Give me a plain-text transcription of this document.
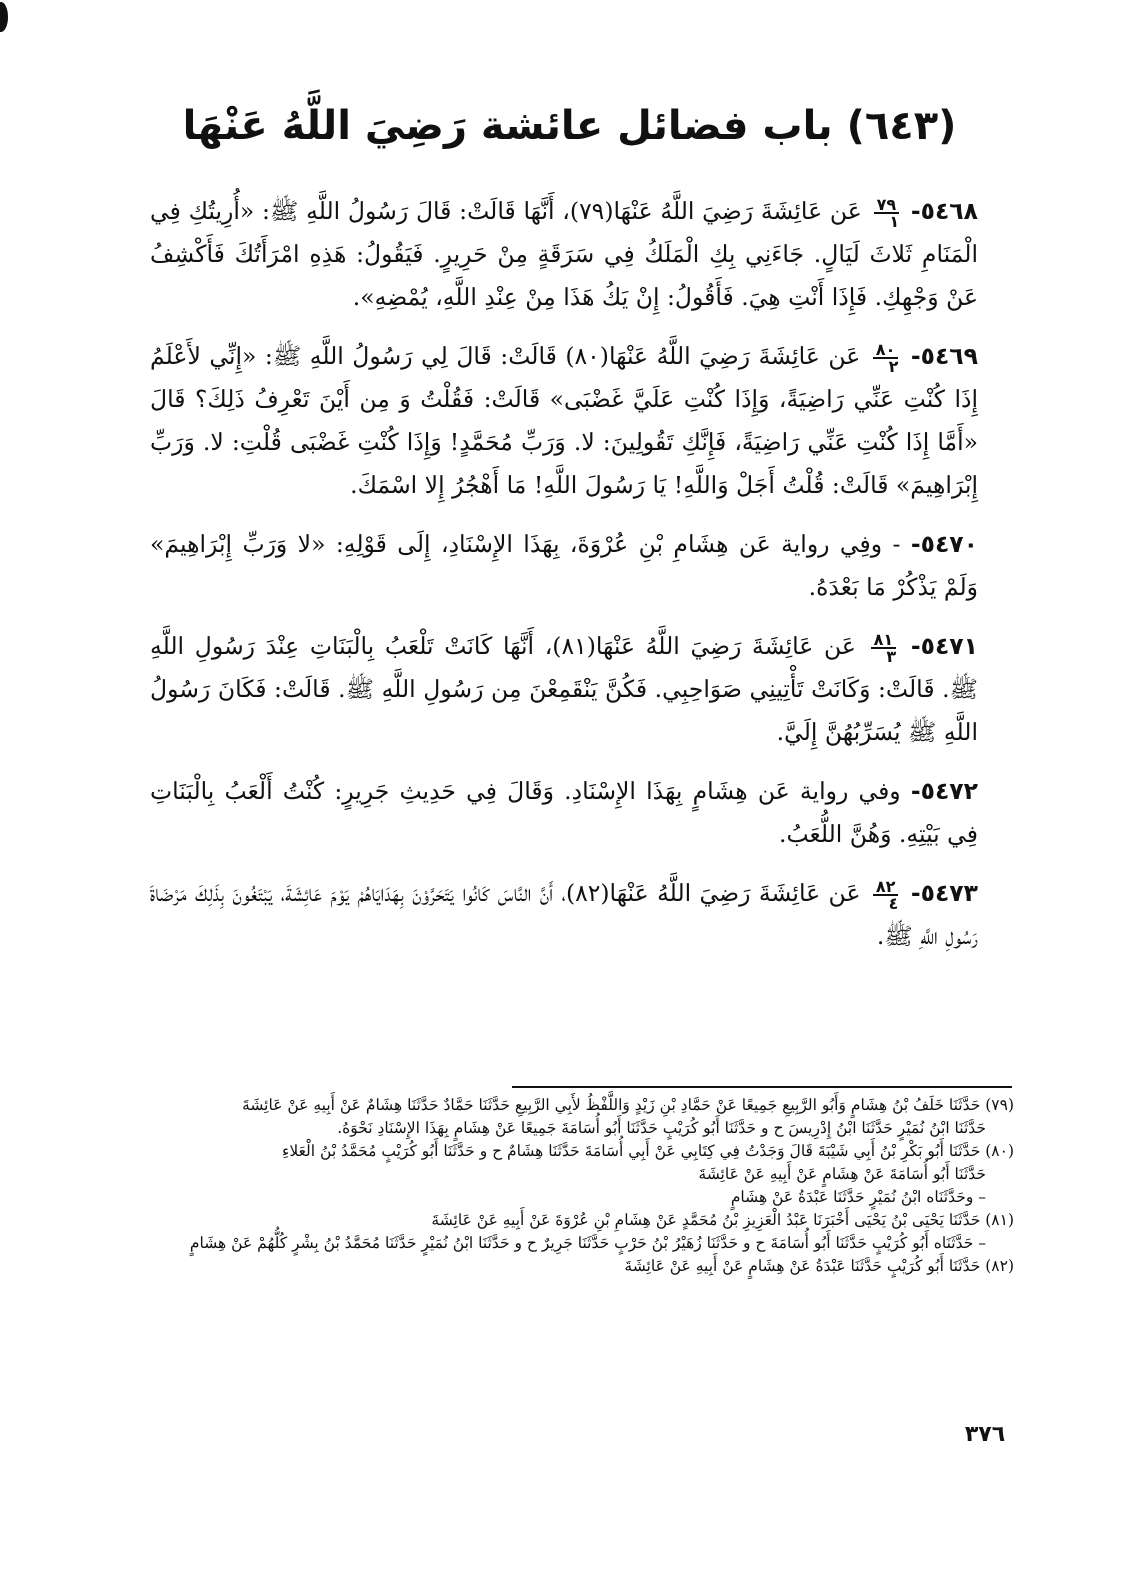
(٦٤٣) باب فضائل عائشة رَضِيَ اللَّهُ عَنْهَا

٥٤٦٨-
$\frac{٧٩}{١}$
عَن عَائِشَةَ رَضِيَ اللَّهُ عَنْهَا(٧٩)، أَنَّهَا قَالَتْ: قَالَ رَسُولُ اللَّهِ ﷺ: «أُرِيتُكِ فِي الْمَنَامِ ثَلاثَ لَيَالٍ. جَاءَنِي بِكِ الْمَلَكُ فِي سَرَقَةٍ مِنْ حَرِيرٍ. فَيَقُولُ: هَذِهِ امْرَأَتُكَ فَأَكْشِفُ عَنْ وَجْهِكِ. فَإِذَا أَنْتِ هِيَ. فَأَقُولُ: إِنْ يَكُ هَذَا مِنْ عِنْدِ اللَّهِ، يُمْضِهِ».

٥٤٦٩-
$\frac{٨٠}{٢}$
عَن عَائِشَةَ رَضِيَ اللَّهُ عَنْهَا(٨٠) قَالَتْ: قَالَ لِي رَسُولُ اللَّهِ ﷺ: «إِنِّي لأَعْلَمُ إِذَا كُنْتِ عَنِّي رَاضِيَةً، وَإِذَا كُنْتِ عَلَيَّ غَضْبَى» قَالَتْ: فَقُلْتُ وَ مِن أَيْنَ تَعْرِفُ ذَلِكَ؟ قَالَ «أَمَّا إِذَا كُنْتِ عَنِّي رَاضِيَةً، فَإِنَّكِ تَقُولِينَ: لا. وَرَبِّ مُحَمَّدٍ! وَإِذَا كُنْتِ غَضْبَى قُلْتِ: لا. وَرَبِّ إِبْرَاهِيمَ» قَالَتْ: قُلْتُ أَجَلْ وَاللَّهِ! يَا رَسُولَ اللَّهِ! مَا أَهْجُرُ إِلا اسْمَكَ.

٥٤٧٠- - وفِي رواية عَن هِشَامِ بْنِ عُرْوَةَ، بِهَذَا الإِسْنَادِ، إِلَى قَوْلِهِ: «لا وَرَبِّ إِبْرَاهِيمَ» وَلَمْ يَذْكُرْ مَا بَعْدَهُ.

٥٤٧١-
$\frac{٨١}{٣}$
عَن عَائِشَةَ رَضِيَ اللَّهُ عَنْهَا(٨١)، أَنَّهَا كَانَتْ تَلْعَبُ بِالْبَنَاتِ عِنْدَ رَسُولِ اللَّهِ ﷺ. قَالَتْ: وَكَانَتْ تَأْتِينِي صَوَاحِبِي. فَكُنَّ يَنْقَمِعْنَ مِن رَسُولِ اللَّهِ ﷺ. قَالَتْ: فَكَانَ رَسُولُ اللَّهِ ﷺ يُسَرِّبُهُنَّ إِلَيَّ.

٥٤٧٢- وفي رواية عَن هِشَامٍ بِهَذَا الإِسْنَادِ. وَقَالَ فِي حَدِيثِ جَرِيرٍ: كُنْتُ أَلْعَبُ بِالْبَنَاتِ فِي بَيْتِهِ. وَهُنَّ اللُّعَبُ.

٥٤٧٣-
$\frac{٨٢}{٤}$
عَن عَائِشَةَ رَضِيَ اللَّهُ عَنْهَا(٨٢)، أَنَّ النَّاسَ كَانُوا يَتَحَرَّوْنَ بِهَدَايَاهُمْ يَوْمَ عَائِشَةَ، يَبْتَغُونَ بِذَلِكَ مَرْضَاةَ رَسُولِ اللَّهِ ﷺ.

(٧٩) حَدَّثَنَا خَلَفُ بْنُ هِشَامٍ وَأَبُو الرَّبِيعِ جَمِيعًا عَنْ حَمَّادِ بْنِ زَيْدٍ وَاللَّفْظُ لأَبِي الرَّبِيعِ حَدَّثَنَا حَمَّادٌ حَدَّثَنَا هِشَامٌ عَنْ أَبِيهِ عَنْ عَائِشَةَ

حَدَّثَنَا ابْنُ نُمَيْرٍ حَدَّثَنَا ابْنُ إِدْرِيسَ ح و حَدَّثَنَا أَبُو كُرَيْبٍ حَدَّثَنَا أَبُو أُسَامَةَ جَمِيعًا عَنْ هِشَامٍ بِهَذَا الإِسْنَادِ نَحْوَهُ.

(٨٠) حَدَّثَنَا أَبُو بَكْرِ بْنُ أَبِي شَيْبَةَ قَالَ وَجَدْتُ فِي كِتَابِي عَنْ أَبِي أُسَامَةَ حَدَّثَنَا هِشَامٌ ح و حَدَّثَنَا أَبُو كُرَيْبٍ مُحَمَّدُ بْنُ الْعَلاءِ

حَدَّثَنَا أَبُو أُسَامَةَ عَنْ هِشَامٍ عَنْ أَبِيهِ عَنْ عَائِشَةَ

– وحَدَّثَنَاه ابْنُ نُمَيْرٍ حَدَّثَنَا عَبْدَةُ عَنْ هِشَامٍ

(٨١) حَدَّثَنَا يَحْيَى بْنُ يَحْيَى أَخْبَرَنَا عَبْدُ الْعَزِيزِ بْنُ مُحَمَّدٍ عَنْ هِشَامِ بْنِ عُرْوَةَ عَنْ أَبِيهِ عَنْ عَائِشَةَ

– حَدَّثَنَاه أَبُو كُرَيْبٍ حَدَّثَنَا أَبُو أُسَامَةَ ح و حَدَّثَنَا زُهَيْرُ بْنُ حَرْبٍ حَدَّثَنَا جَرِيرٌ ح و حَدَّثَنَا ابْنُ نُمَيْرٍ حَدَّثَنَا مُحَمَّدُ بْنُ بِشْرٍ كُلُّهُمْ عَنْ هِشَامٍ

(٨٢) حَدَّثَنَا أَبُو كُرَيْبٍ حَدَّثَنَا عَبْدَةُ عَنْ هِشَامٍ عَنْ أَبِيهِ عَنْ عَائِشَةَ

٣٧٦
